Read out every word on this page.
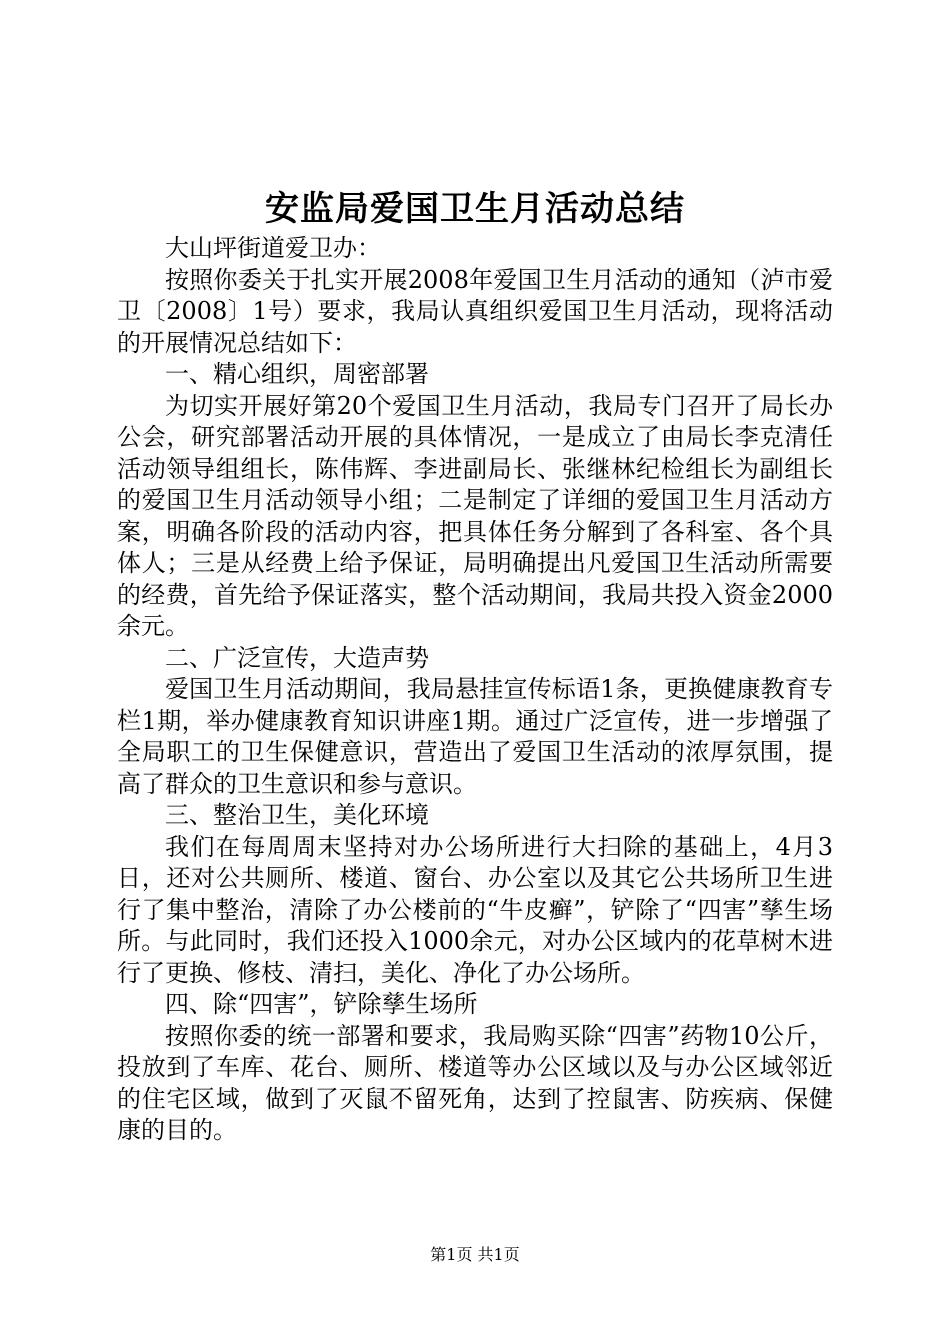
安监局爱国卫生月活动总结

大山坪街道爱卫办：

按照你委关于扎实开展2008年爱国卫生月活动的通知（泸市爱卫〔2008〕1号）要求，我局认真组织爱国卫生月活动，现将活动的开展情况总结如下：

一、精心组织，周密部署

为切实开展好第20个爱国卫生月活动，我局专门召开了局长办公会，研究部署活动开展的具体情况，一是成立了由局长李克清任活动领导组组长，陈伟辉、李进副局长、张继林纪检组长为副组长的爱国卫生月活动领导小组；二是制定了详细的爱国卫生月活动方案，明确各阶段的活动内容，把具体任务分解到了各科室、各个具体人；三是从经费上给予保证，局明确提出凡爱国卫生活动所需要的经费，首先给予保证落实，整个活动期间，我局共投入资金2000余元。

二、广泛宣传，大造声势

爱国卫生月活动期间，我局悬挂宣传标语1条，更换健康教育专栏1期，举办健康教育知识讲座1期。通过广泛宣传，进一步增强了全局职工的卫生保健意识，营造出了爱国卫生活动的浓厚氛围，提高了群众的卫生意识和参与意识。

三、整治卫生，美化环境

我们在每周周末坚持对办公场所进行大扫除的基础上，4月3日，还对公共厕所、楼道、窗台、办公室以及其它公共场所卫生进行了集中整治，清除了办公楼前的“牛皮癣”，铲除了“四害”孳生场所。与此同时，我们还投入1000余元，对办公区域内的花草树木进行了更换、修枝、清扫，美化、净化了办公场所。

四、除“四害”，铲除孳生场所

按照你委的统一部署和要求，我局购买除“四害”药物10公斤，投放到了车库、花台、厕所、楼道等办公区域以及与办公区域邻近的住宅区域，做到了灭鼠不留死角，达到了控鼠害、防疾病、保健康的目的。

第1页 共1页
